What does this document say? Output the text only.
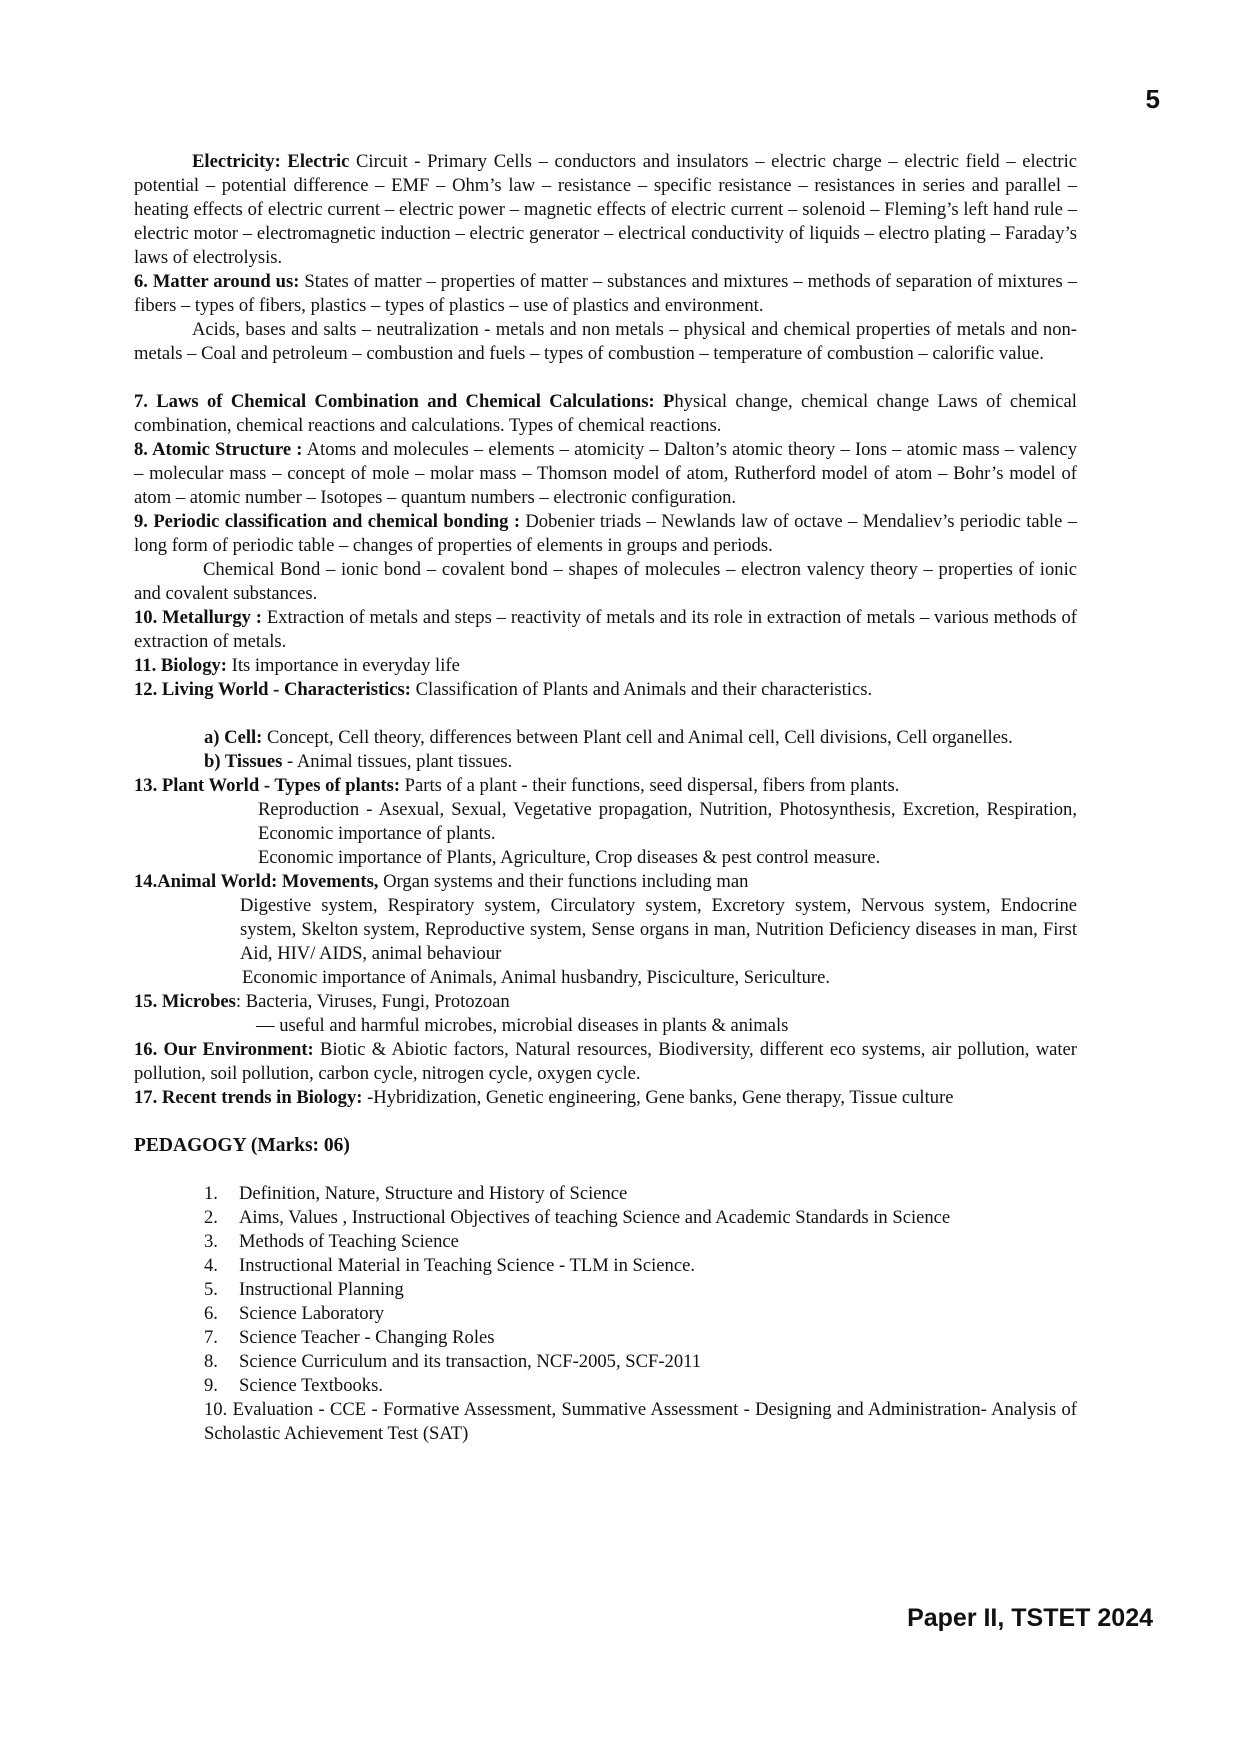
5

Electricity: Electric Circuit - Primary Cells – conductors and insulators – electric charge – electric field – electric potential – potential difference – EMF – Ohm’s law – resistance – specific resistance – resistances in series and parallel – heating effects of electric current – electric power – magnetic effects of electric current – solenoid – Fleming’s left hand rule – electric motor – electromagnetic induction – electric generator – electrical conductivity of liquids – electro plating – Faraday’s laws of electrolysis.

6. Matter around us: States of matter – properties of matter – substances and mixtures – methods of separation of mixtures – fibers – types of fibers, plastics – types of plastics – use of plastics and environment.

Acids, bases and salts – neutralization - metals and non metals – physical and chemical properties of metals and non-metals – Coal and petroleum – combustion and fuels – types of combustion – temperature of combustion – calorific value.

7. Laws of Chemical Combination and Chemical Calculations: Physical change, chemical change Laws of chemical combination, chemical reactions and calculations. Types of chemical reactions.

8. Atomic Structure : Atoms and molecules – elements – atomicity – Dalton’s atomic theory – Ions – atomic mass – valency – molecular mass – concept of mole – molar mass – Thomson model of atom, Rutherford model of atom – Bohr’s model of atom – atomic number – Isotopes – quantum numbers – electronic configuration.

9. Periodic classification and chemical bonding : Dobenier triads – Newlands law of octave – Mendaliev’s periodic table – long form of periodic table – changes of properties of elements in groups and periods.

Chemical Bond – ionic bond – covalent bond – shapes of molecules – electron valency theory – properties of ionic and covalent substances.

10. Metallurgy : Extraction of metals and steps – reactivity of metals and its role in extraction of metals – various methods of extraction of metals.

11. Biology: Its importance in everyday life

12. Living World - Characteristics: Classification of Plants and Animals and their characteristics.

a) Cell: Concept, Cell theory, differences between Plant cell and Animal cell, Cell divisions, Cell organelles.

b) Tissues - Animal tissues, plant tissues.

13. Plant World - Types of plants: Parts of a plant - their functions, seed dispersal, fibers from plants.

Reproduction - Asexual, Sexual, Vegetative propagation, Nutrition, Photosynthesis, Excretion, Respiration, Economic importance of plants.

Economic importance of Plants, Agriculture, Crop diseases & pest control measure.

14.Animal World: Movements, Organ systems and their functions including man

Digestive system, Respiratory system, Circulatory system, Excretory system, Nervous system, Endocrine system, Skelton system, Reproductive system, Sense organs in man, Nutrition Deficiency diseases in man, First Aid, HIV/ AIDS, animal behaviour

Economic importance of Animals, Animal husbandry, Pisciculture, Sericulture.

15. Microbes: Bacteria, Viruses, Fungi, Protozoan

— useful and harmful microbes, microbial diseases in plants & animals

16. Our Environment: Biotic & Abiotic factors, Natural resources, Biodiversity, different eco systems, air pollution, water pollution, soil pollution, carbon cycle, nitrogen cycle, oxygen cycle.

17. Recent trends in Biology: -Hybridization, Genetic engineering, Gene banks, Gene therapy, Tissue culture

PEDAGOGY (Marks: 06)

1.	Definition, Nature, Structure and History of Science
2.	Aims, Values , Instructional Objectives of teaching Science and Academic Standards in Science
3.	Methods of Teaching Science
4.	Instructional Material in Teaching Science - TLM in Science.
5.	Instructional Planning
6.	Science Laboratory
7.	Science Teacher - Changing Roles
8.	Science Curriculum and its transaction, NCF-2005, SCF-2011
9.	Science Textbooks.

10. Evaluation - CCE - Formative Assessment, Summative Assessment - Designing and Administration- Analysis of Scholastic Achievement Test (SAT)

Paper II, TSTET 2024
